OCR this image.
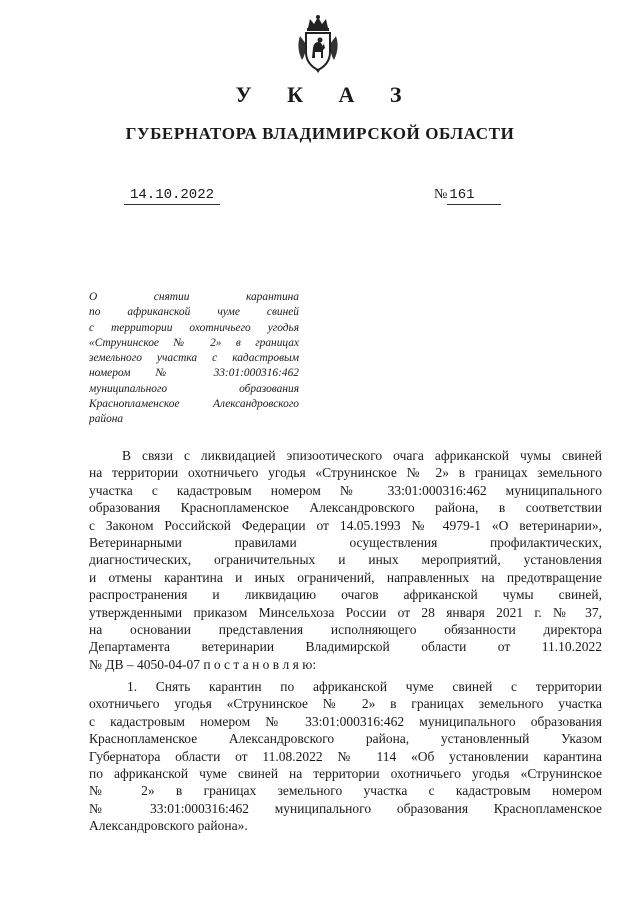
У К А З
ГУБЕРНАТОРА ВЛАДИМИРСКОЙ ОБЛАСТИ
14.10.2022	№ 161
О снятии карантина
по африканской чуме свиней
с территории охотничьего угодья
«Струнинское № 2» в границах
земельного участка с кадастровым
номером № 33:01:000316:462
муниципального образования
Краснопламенское Александровского
района
В связи с ликвидацией эпизоотического очага африканской чумы свиней
на территории охотничьего угодья «Струнинское № 2» в границах земельного
участка с кадастровым номером № 33:01:000316:462 муниципального
образования Краснопламенское Александровского района, в соответствии
с Законом Российской Федерации от 14.05.1993 № 4979-1 «О ветеринарии»,
Ветеринарными правилами осуществления профилактических,
диагностических, ограничительных и иных мероприятий, установления
и отмены карантина и иных ограничений, направленных на предотвращение
распространения и ликвидацию очагов африканской чумы свиней,
утвержденными приказом Минсельхоза России от 28 января 2021 г. № 37,
на основании представления исполняющего обязанности директора
Департамента ветеринарии Владимирской области от 11.10.2022
№ ДВ – 4050-04-07 п о с т а н о в л я ю:
1. Снять карантин по африканской чуме свиней с территории
охотничьего угодья «Струнинское № 2» в границах земельного участка
с кадастровым номером № 33:01:000316:462 муниципального образования
Краснопламенское Александровского района, установленный Указом
Губернатора области от 11.08.2022 № 114 «Об установлении карантина
по африканской чуме свиней на территории охотничьего угодья «Струнинское
№ 2» в границах земельного участка с кадастровым номером
№ 33:01:000316:462 муниципального образования Краснопламенское
Александровского района».
